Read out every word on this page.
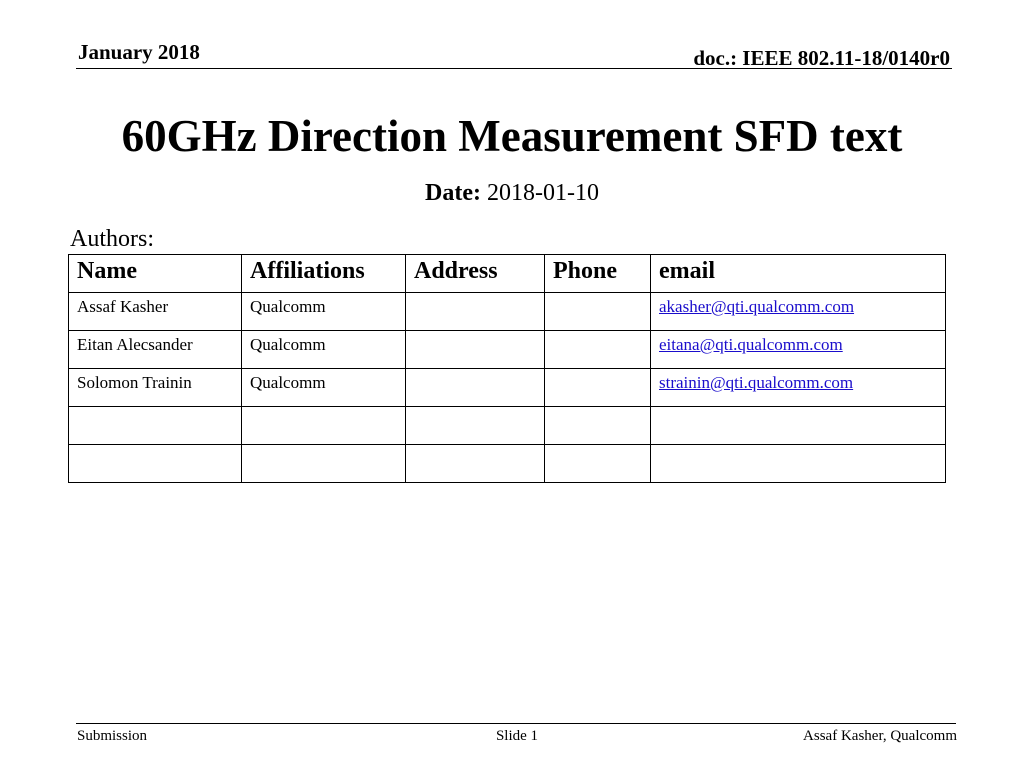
January 2018	doc.: IEEE 802.11-18/0140r0
60GHz Direction Measurement SFD text
Date: 2018-01-10
Authors:
Name	Affiliations	Address	Phone	email
Assaf Kasher	Qualcomm			akasher@qti.qualcomm.com
Eitan Alecsander	Qualcomm			eitana@qti.qualcomm.com
Solomon Trainin	Qualcomm			strainin@qti.qualcomm.com

Submission	Slide 1	Assaf Kasher, Qualcomm
